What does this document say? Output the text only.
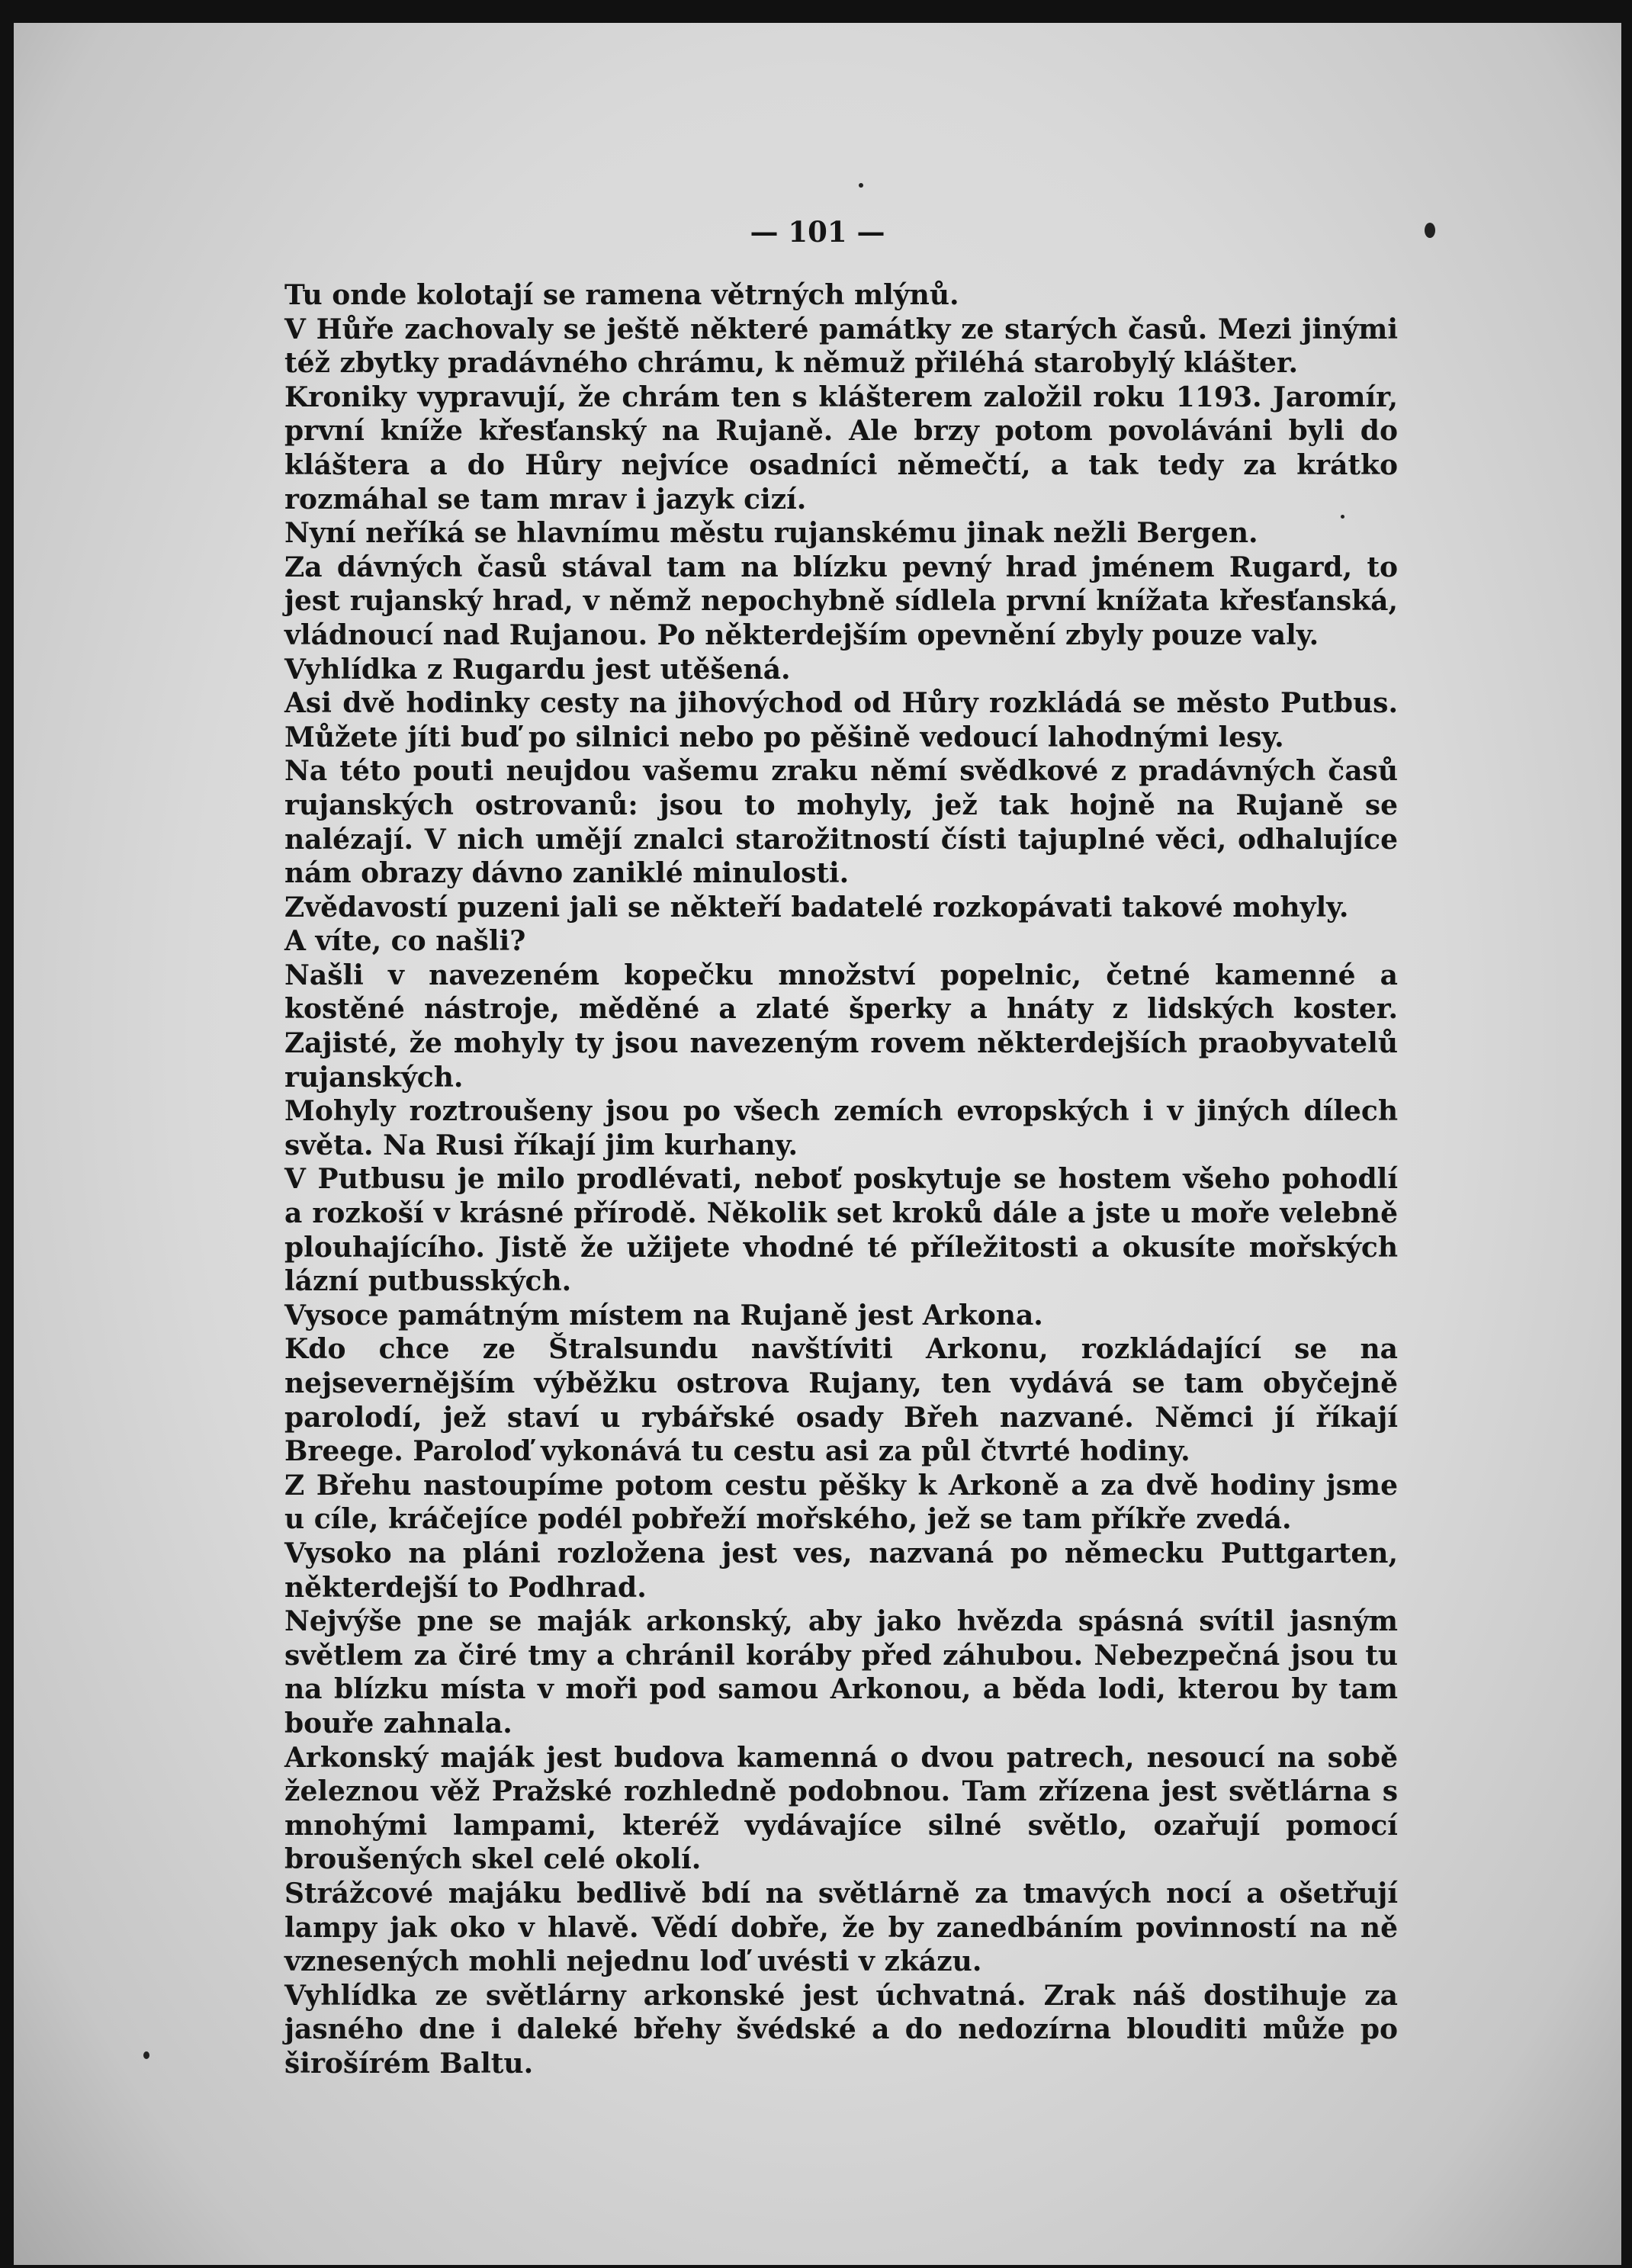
— 101 —

Tu onde kolotají se ramena větrných mlýnů.

V Hůře zachovaly se ještě některé památky ze starých časů. Mezi jinými též zbytky pradávného chrámu, k němuž přiléhá starobylý klášter.

Kroniky vypravují, že chrám ten s klášterem založil roku 1193. Jaromír, první kníže křesťanský na Rujaně. Ale brzy potom povoláváni byli do kláštera a do Hůry nejvíce osadníci němečtí, a tak tedy za krátko rozmáhal se tam mrav i jazyk cizí.

Nyní neříká se hlavnímu městu rujanskému jinak nežli Bergen.

Za dávných časů stával tam na blízku pevný hrad jménem Rugard, to jest rujanský hrad, v němž nepochybně sídlela první knížata křesťanská, vládnoucí nad Rujanou. Po některdejším opevnění zbyly pouze valy.

Vyhlídka z Rugardu jest utěšená.

Asi dvě hodinky cesty na jihovýchod od Hůry rozkládá se město Putbus. Můžete jíti buď po silnici nebo po pěšině vedoucí lahodnými lesy.

Na této pouti neujdou vašemu zraku němí svědkové z pradávných časů rujanských ostrovanů: jsou to mohyly, jež tak hojně na Rujaně se nalézají. V nich umějí znalci starožitností čísti tajuplné věci, odhalujíce nám obrazy dávno zaniklé minulosti.

Zvědavostí puzeni jali se někteří badatelé rozkopávati takové mohyly.

A víte, co našli?

Našli v navezeném kopečku množství popelnic, četné kamenné a kostěné nástroje, měděné a zlaté šperky a hnáty z lidských koster. Zajisté, že mohyly ty jsou navezeným rovem některdejších praobyvatelů rujanských.

Mohyly roztroušeny jsou po všech zemích evropských i v jiných dílech světa. Na Rusi říkají jim kurhany.

V Putbusu je milo prodlévati, neboť poskytuje se hostem všeho pohodlí a rozkoší v krásné přírodě. Několik set kroků dále a jste u moře velebně plouhajícího. Jistě že užijete vhodné té příležitosti a okusíte mořských lázní putbusských.

Vysoce památným místem na Rujaně jest Arkona.

Kdo chce ze Štralsundu navštíviti Arkonu, rozkládající se na nejsevernějším výběžku ostrova Rujany, ten vydává se tam obyčejně parolodí, jež staví u rybářské osady Břeh nazvané. Němci jí říkají Breege. Paroloď vykonává tu cestu asi za půl čtvrté hodiny.

Z Břehu nastoupíme potom cestu pěšky k Arkoně a za dvě hodiny jsme u cíle, kráčejíce podél pobřeží mořského, jež se tam příkře zvedá.

Vysoko na pláni rozložena jest ves, nazvaná po německu Puttgarten, některdejší to Podhrad.

Nejvýše pne se maják arkonský, aby jako hvězda spásná svítil jasným světlem za čiré tmy a chránil koráby před záhubou. Nebezpečná jsou tu na blízku místa v moři pod samou Arkonou, a běda lodi, kterou by tam bouře zahnala.

Arkonský maják jest budova kamenná o dvou patrech, nesoucí na sobě železnou věž Pražské rozhledně podobnou. Tam zřízena jest světlárna s mnohými lampami, kteréž vydávajíce silné světlo, ozařují pomocí broušených skel celé okolí.

Strážcové majáku bedlivě bdí na světlárně za tmavých nocí a ošetřují lampy jak oko v hlavě. Vědí dobře, že by zanedbáním povinností na ně vznesených mohli nejednu loď uvésti v zkázu.

Vyhlídka ze světlárny arkonské jest úchvatná. Zrak náš dostihuje za jasného dne i daleké břehy švédské a do nedozírna blouditi může po širošírém Baltu.
